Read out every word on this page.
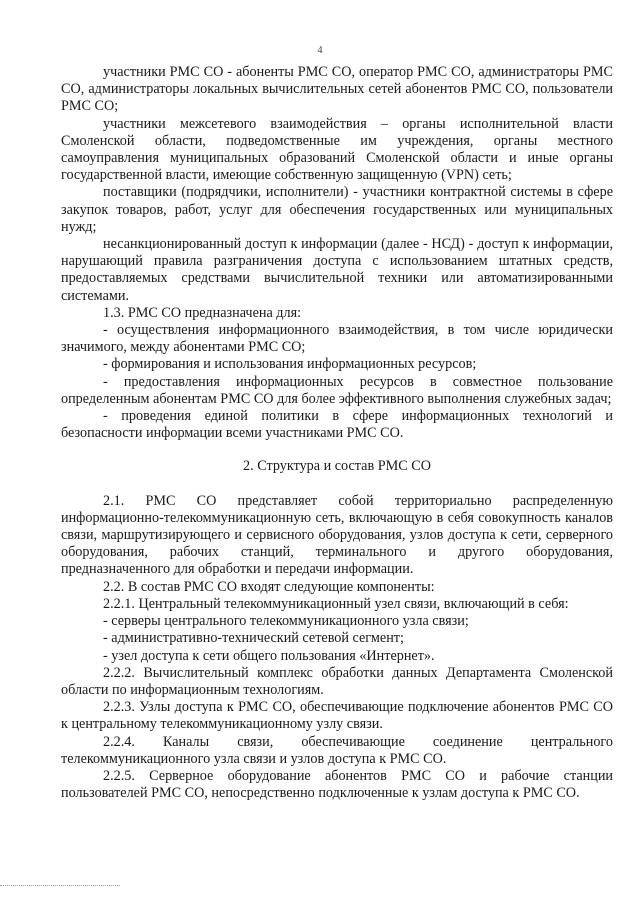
4

участники РМС СО - абоненты РМС СО, оператор РМС СО, администраторы РМС СО, администраторы локальных вычислительных сетей абонентов РМС СО, пользователи РМС СО;

участники межсетевого взаимодействия – органы исполнительной власти Смоленской области, подведомственные им учреждения, органы местного самоуправления муниципальных образований Смоленской области и иные органы государственной власти, имеющие собственную защищенную (VPN) сеть;

поставщики (подрядчики, исполнители) - участники контрактной системы в сфере закупок товаров, работ, услуг для обеспечения государственных или муниципальных нужд;

несанкционированный доступ к информации (далее - НСД) - доступ к информации, нарушающий правила разграничения доступа с использованием штатных средств, предоставляемых средствами вычислительной техники или автоматизированными системами.

1.3. РМС СО предназначена для:

- осуществления информационного взаимодействия, в том числе юридически значимого, между абонентами РМС СО;

- формирования и использования информационных ресурсов;

- предоставления информационных ресурсов в совместное пользование определенным абонентам РМС СО для более эффективного выполнения служебных задач;

- проведения единой политики в сфере информационных технологий и безопасности информации всеми участниками РМС СО.

2. Структура и состав РМС СО

2.1. РМС СО представляет собой территориально распределенную информационно-телекоммуникационную сеть, включающую в себя совокупность каналов связи, маршрутизирующего и сервисного оборудования, узлов доступа к сети, серверного оборудования, рабочих станций, терминального и другого оборудования, предназначенного для обработки и передачи информации.

2.2. В состав РМС СО входят следующие компоненты:

2.2.1. Центральный телекоммуникационный узел связи, включающий в себя:

- серверы центрального телекоммуникационного узла связи;

- административно-технический сетевой сегмент;

- узел доступа к сети общего пользования «Интернет».

2.2.2. Вычислительный комплекс обработки данных Департамента Смоленской области по информационным технологиям.

2.2.3. Узлы доступа к РМС СО, обеспечивающие подключение абонентов РМС СО к центральному телекоммуникационному узлу связи.

2.2.4. Каналы связи, обеспечивающие соединение центрального телекоммуникационного узла связи и узлов доступа к РМС СО.

2.2.5. Серверное оборудование абонентов РМС СО и рабочие станции пользователей РМС СО, непосредственно подключенные к узлам доступа к РМС СО.
